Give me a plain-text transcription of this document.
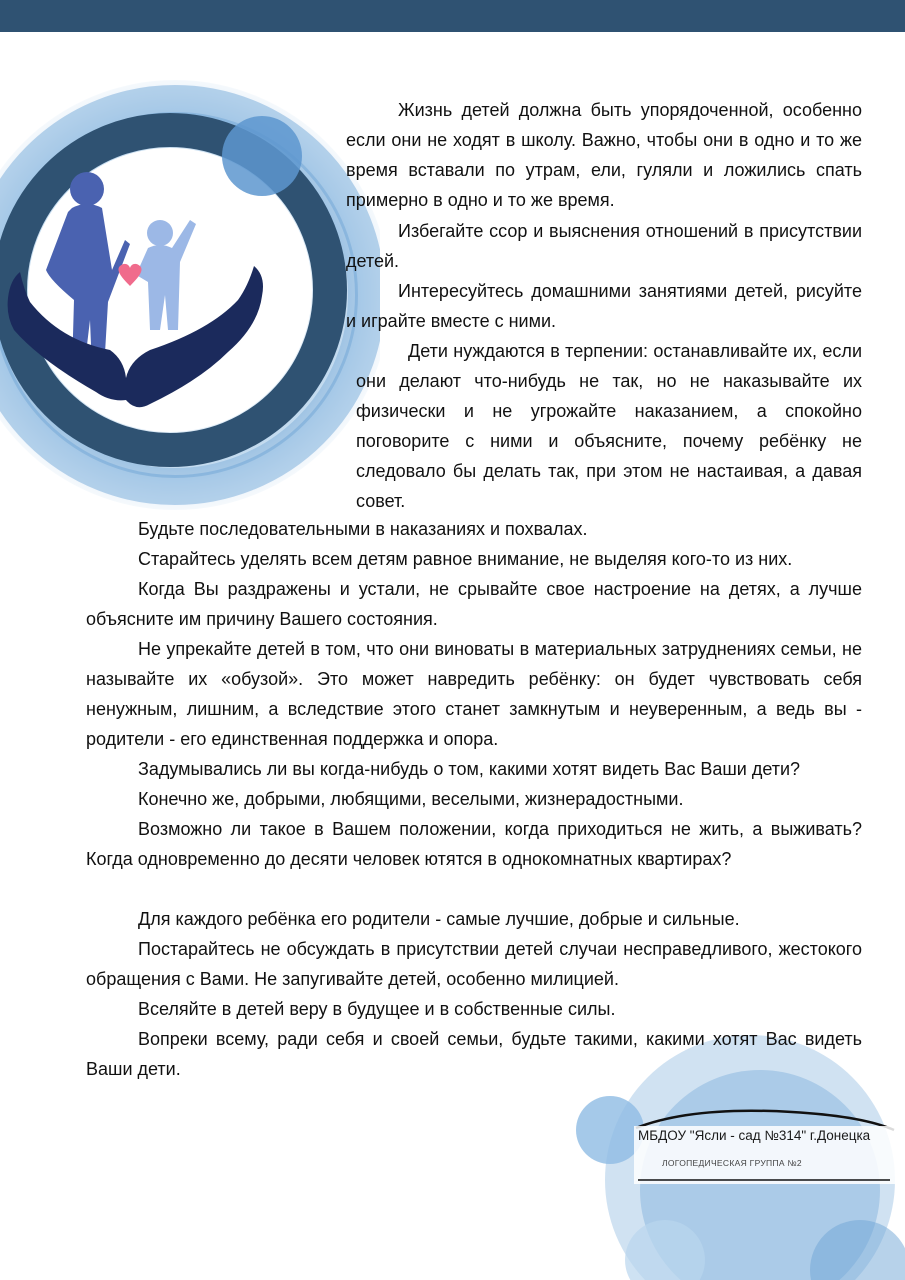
МБДОУ "Ясли - сад №314" г.Донецка
ЛОГОПЕДИЧЕСКАЯ ГРУППА №2

Жизнь детей должна быть упорядоченной, особенно если они не ходят в школу. Важно, чтобы они в одно и то же время вставали по утрам, ели, гуляли и ложились спать примерно в одно и то же время.

Избегайте ссор и выяснения отношений в присутствии детей.

Интересуйтесь домашними занятиями детей, рисуйте и играйте вместе с ними.

Дети нуждаются в терпении: останавливайте их, если они делают что-нибудь не так, но не наказывайте их физически и не угрожайте наказанием, а спокойно поговорите с ними и объясните, почему ребёнку не следовало бы делать так, при этом не настаивая, а давая совет.

Будьте последовательными в наказаниях и похвалах.

Старайтесь уделять всем детям равное внимание, не выделяя кого-то из них.

Когда Вы раздражены и устали, не срывайте свое настроение на детях, а лучше объясните им причину Вашего состояния.

Не упрекайте детей в том, что они виноваты в материальных затруднениях семьи, не называйте их «обузой». Это может навредить ребёнку: он будет чувствовать себя ненужным, лишним, а вследствие этого станет замкнутым и неуверенным, а ведь вы - родители - его единственная поддержка и опора.

Задумывались ли вы когда-нибудь о том, какими хотят видеть Вас Ваши дети?

Конечно же, добрыми, любящими, веселыми, жизнерадостными.

Возможно ли такое в Вашем положении, когда приходиться не жить, а выживать? Когда одновременно до десяти человек ютятся в однокомнатных квартирах?

Для каждого ребёнка его родители - самые лучшие, добрые и сильные.

Постарайтесь не обсуждать в присутствии детей случаи несправедливого, жестокого обращения с Вами. Не запугивайте детей, особенно милицией.

Вселяйте в детей веру в будущее и в собственные силы.

Вопреки всему, ради себя и своей семьи, будьте такими, какими хотят Вас видеть Ваши дети.
